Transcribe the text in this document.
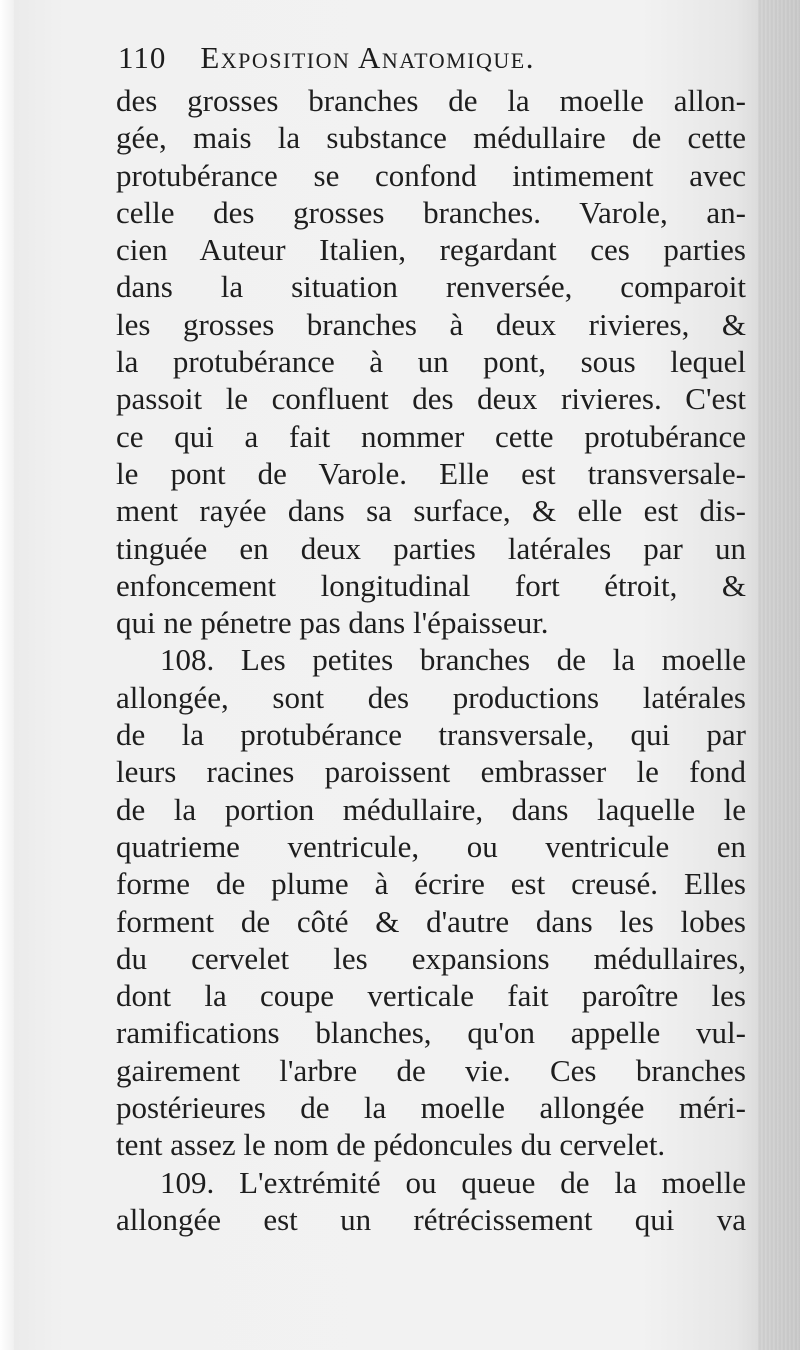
110 Exposition Anatomique.
des grosses branches de la moelle allon-
gée, mais la substance médullaire de cette
protubérance se confond intimement avec
celle des grosses branches. Varole, an-
cien Auteur Italien, regardant ces parties
dans la situation renversée, comparoit
les grosses branches à deux rivieres, &
la protubérance à un pont, sous lequel
passoit le confluent des deux rivieres. C'est
ce qui a fait nommer cette protubérance
le pont de Varole. Elle est transversale-
ment rayée dans sa surface, & elle est dis-
tinguée en deux parties latérales par un
enfoncement longitudinal fort étroit, &
qui ne pénetre pas dans l'épaisseur.
108. Les petites branches de la moelle
allongée, sont des productions latérales
de la protubérance transversale, qui par
leurs racines paroissent embrasser le fond
de la portion médullaire, dans laquelle le
quatrieme ventricule, ou ventricule en
forme de plume à écrire est creusé. Elles
forment de côté & d'autre dans les lobes
du cervelet les expansions médullaires,
dont la coupe verticale fait paroître les
ramifications blanches, qu'on appelle vul-
gairement l'arbre de vie. Ces branches
postérieures de la moelle allongée méri-
tent assez le nom de pédoncules du cervelet.
109. L'extrémité ou queue de la moelle
allongée est un rétrécissement qui va
